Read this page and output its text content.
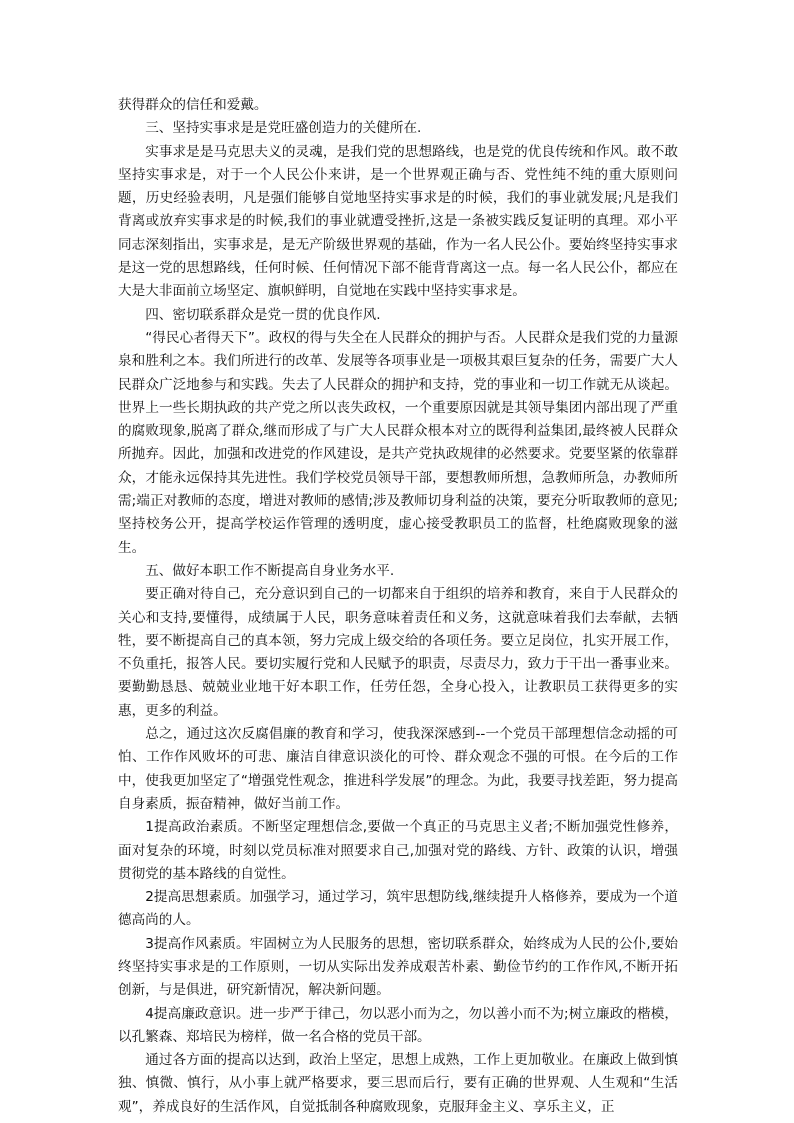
获得群众的信任和爱戴。

三、坚持实事求是是党旺盛创造力的关健所在.

实事求是是马克思夫义的灵魂，是我们党的思想路线，也是党的优良传统和作风。敢不敢坚持实事求是，对于一个人民公仆来讲，是一个世界观正确与否、党性纯不纯的重大原则问题，历史经验表明，凡是强们能够自觉地坚持实事求是的时候，我们的事业就发展;凡是我们背离或放弃实事求是的时候,我们的事业就遭受挫折,这是一条被实践反复证明的真理。邓小平同志深刻指出，实事求是，是无产阶级世界观的基础，作为一名人民公仆。要始终坚持实事求是这一党的思想路线，任何时候、任何情况下部不能背背离这一点。每一名人民公仆，都应在大是大非面前立场坚定、旗帜鲜明，自觉地在实践中坚持实事求是。

四、密切联系群众是党一贯的优良作风.

“得民心者得天下”。政权的得与失全在人民群众的拥护与否。人民群众是我们党的力量源泉和胜利之本。我们所进行的改革、发展等各项事业是一项极其艰巨复杂的任务，需要广大人民群众广泛地参与和实践。失去了人民群众的拥护和支持，党的事业和一切工作就无从谈起。世界上一些长期执政的共产党之所以丧失政权，一个重要原因就是其领导集团内部出现了严重的腐败现象,脱离了群众,继而形成了与广大人民群众根本对立的既得利益集团,最终被人民群众所抛弃。因此，加强和改进党的作风建设，是共产党执政规律的必然要求。党要坚紧的依靠群众，才能永远保持其先进性。我们学校党员领导干部，要想教师所想，急教师所急，办教师所需;端正对教师的态度，增进对教师的感情;涉及教师切身利益的决策，要充分听取教师的意见;坚持校务公开，提高学校运作管理的透明度，虚心接受教职员工的监督，杜绝腐败现象的滋生。

五、做好本职工作不断提高自身业务水平.

要正确对待自己，充分意识到自己的一切都来自于组织的培养和教育，来自于人民群众的关心和支持,要懂得，成绩属于人民，职务意味着责任和义务，这就意味着我们去奉献，去牺牲，要不断提高自己的真本领，努力完成上级交给的各项任务。要立足岗位，扎实开展工作，不负重托，报答人民。要切实履行党和人民赋予的职责，尽责尽力，致力于干出一番事业来。要勤勤恳恳、兢兢业业地干好本职工作，任劳任怨，全身心投入，让教职员工获得更多的实惠，更多的利益。

总之，通过这次反腐倡廉的教育和学习，使我深深感到--一个党员干部理想信念动摇的可怕、工作作风败坏的可悲、廉洁自律意识淡化的可怜、群众观念不强的可恨。在今后的工作中，使我更加坚定了“增强党性观念，推进科学发展”的理念。为此，我要寻找差距，努力提高自身素质，振奋精神，做好当前工作。

1提高政治素质。不断坚定理想信念,要做一个真正的马克思主义者;不断加强党性修养，面对复杂的环境，时刻以党员标准对照要求自己,加强对党的路线、方针、政策的认识，增强贯彻党的基本路线的自觉性。

2提高思想素质。加强学习，通过学习，筑牢思想防线,继续提升人格修养，要成为一个道德高尚的人。

3提高作风素质。牢固树立为人民服务的思想，密切联系群众，始终成为人民的公仆,要始终坚持实事求是的工作原则，一切从实际出发养成艰苦朴素、勤俭节约的工作作风,不断开拓创新，与是俱进，研究新情况，解决新问题。

4提高廉政意识。进一步严于律己，勿以恶小而为之，勿以善小而不为;树立廉政的楷模，以孔繁森、郑培民为榜样，做一名合格的党员干部。

通过各方面的提高以达到，政治上坚定，思想上成熟，工作上更加敬业。在廉政上做到慎独、慎微、慎行，从小事上就严格要求，要三思而后行，要有正确的世界观、人生观和“生活观”，养成良好的生活作风，自觉抵制各种腐败现象，克服拜金主义、享乐主义，正
